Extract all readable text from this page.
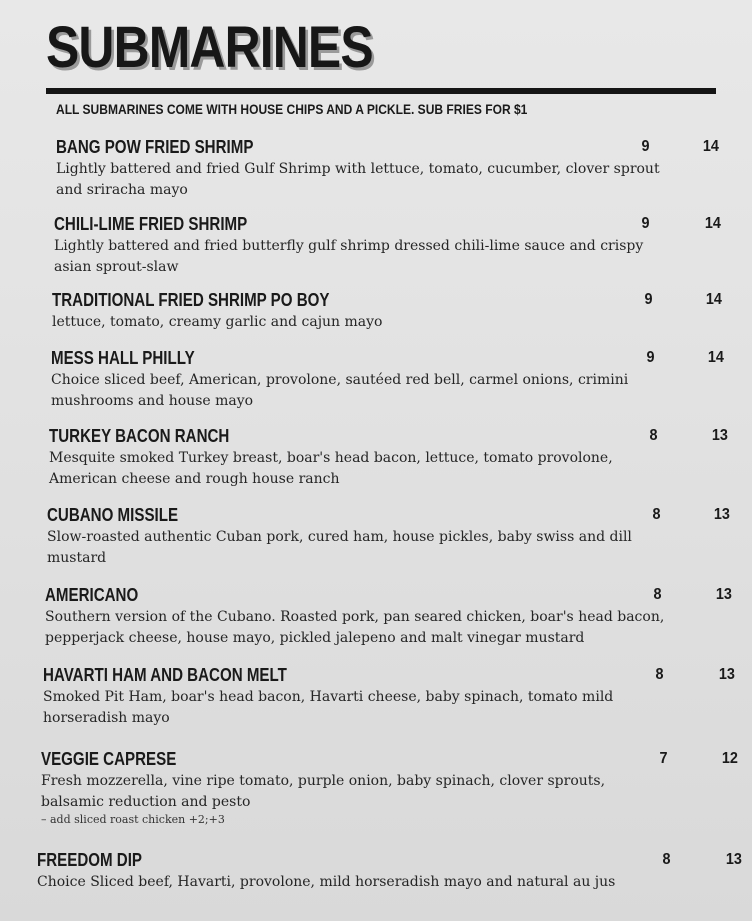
SUBMARINES
ALL SUBMARINES COME WITH HOUSE CHIPS AND A PICKLE. SUB FRIES FOR $1
BANG POW FRIED SHRIMP
Lightly battered and fried Gulf Shrimp with lettuce, tomato, cucumber, clover sprout
and sriracha mayo
9	14
CHILI-LIME FRIED SHRIMP
Lightly battered and fried butterfly gulf shrimp dressed chili-lime sauce and crispy
asian sprout-slaw
9	14
TRADITIONAL FRIED SHRIMP PO BOY
lettuce, tomato, creamy garlic and cajun mayo
9	14
MESS HALL PHILLY
Choice sliced beef, American, provolone, sautéed red bell, carmel onions, crimini
mushrooms and house mayo
9	14
TURKEY BACON RANCH
Mesquite smoked Turkey breast, boar's head bacon, lettuce, tomato provolone,
American cheese and rough house ranch
8	13
CUBANO MISSILE
Slow-roasted authentic Cuban pork, cured ham, house pickles, baby swiss and dill
mustard
8	13
AMERICANO
Southern version of the Cubano. Roasted pork, pan seared chicken, boar's head bacon,
pepperjack cheese, house mayo, pickled jalepeno and malt vinegar mustard
8	13
HAVARTI HAM AND BACON MELT
Smoked Pit Ham, boar's head bacon, Havarti cheese, baby spinach, tomato mild
horseradish mayo
8	13
VEGGIE CAPRESE
Fresh mozzerella, vine ripe tomato, purple onion, baby spinach, clover sprouts,
balsamic reduction and pesto
– add sliced roast chicken +2;+3
7	12
FREEDOM DIP
Choice Sliced beef, Havarti, provolone, mild horseradish mayo and natural au jus
8	13
